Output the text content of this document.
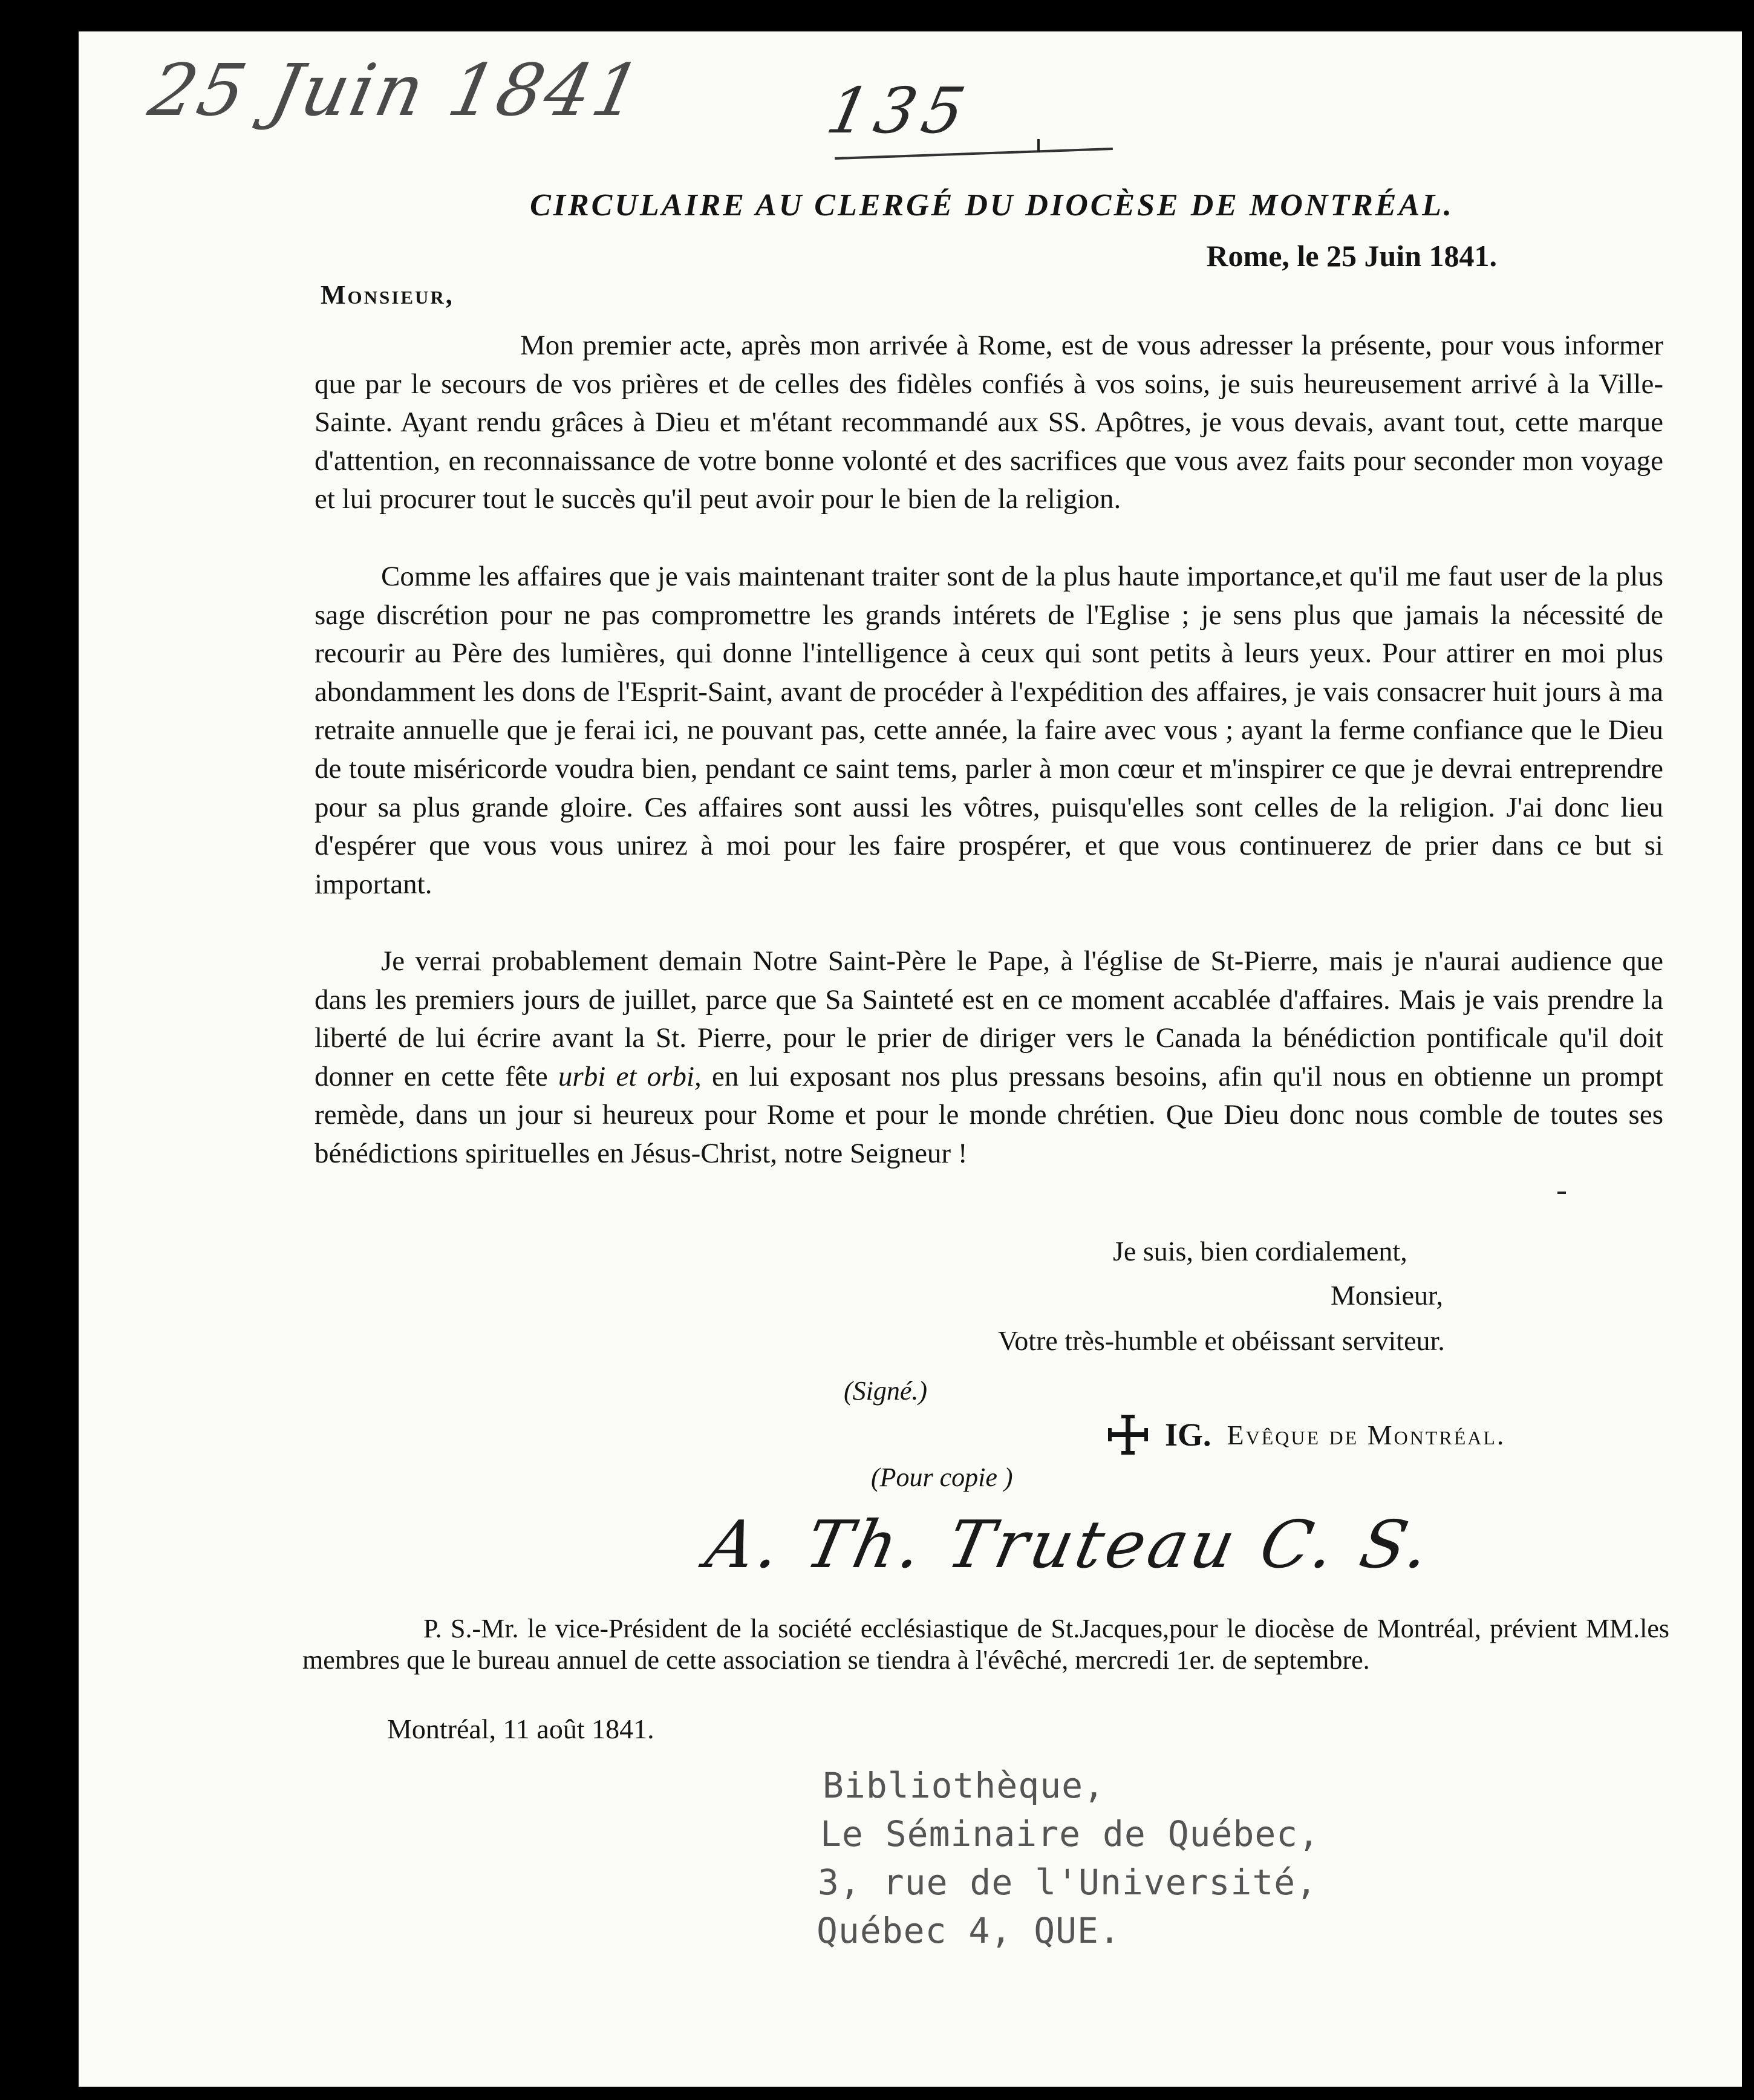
25 Juin 1841	135
CIRCULAIRE AU CLERGÉ DU DIOCÈSE DE MONTRÉAL.
Rome, le 25 Juin 1841.
Monsieur,

Mon premier acte, après mon arrivée à Rome, est de vous adresser la présente, pour vous informer que par le secours de vos prières et de celles des fidèles confiés à vos soins, je suis heureusement arrivé à la Ville-Sainte. Ayant rendu grâces à Dieu et m'étant recommandé aux SS. Apôtres, je vous devais, avant tout, cette marque d'attention, en reconnaissance de votre bonne volonté et des sacrifices que vous avez faits pour seconder mon voyage et lui procurer tout le succès qu'il peut avoir pour le bien de la religion.

Comme les affaires que je vais maintenant traiter sont de la plus haute importance,et qu'il me faut user de la plus sage discrétion pour ne pas compromettre les grands intérets de l'Eglise ; je sens plus que jamais la nécessité de recourir au Père des lumières, qui donne l'intelligence à ceux qui sont petits à leurs yeux. Pour attirer en moi plus abondamment les dons de l'Esprit-Saint, avant de procéder à l'expédition des affaires, je vais consacrer huit jours à ma retraite annuelle que je ferai ici, ne pouvant pas, cette année, la faire avec vous ; ayant la ferme confiance que le Dieu de toute miséricorde voudra bien, pendant ce saint tems, parler à mon cœur et m'inspirer ce que je devrai entreprendre pour sa plus grande gloire. Ces affaires sont aussi les vôtres, puisqu'elles sont celles de la religion. J'ai donc lieu d'espérer que vous vous unirez à moi pour les faire prospérer, et que vous continuerez de prier dans ce but si important.

Je verrai probablement demain Notre Saint-Père le Pape, à l'église de St-Pierre, mais je n'aurai audience que dans les premiers jours de juillet, parce que Sa Sainteté est en ce moment accablée d'affaires. Mais je vais prendre la liberté de lui écrire avant la St. Pierre, pour le prier de diriger vers le Canada la bénédiction pontificale qu'il doit donner en cette fête urbi et orbi, en lui exposant nos plus pressans besoins, afin qu'il nous en obtienne un prompt remède, dans un jour si heureux pour Rome et pour le monde chrétien. Que Dieu donc nous comble de toutes ses bénédictions spirituelles en Jésus-Christ, notre Seigneur !

Je suis, bien cordialement,
Monsieur,
Votre très-humble et obéissant serviteur.
(Signé.)
IG. Evêque de Montréal.
(Pour copie )
A. Th. Truteau C. S.
P. S.-Mr. le vice-Président de la société ecclésiastique de St.Jacques,pour le diocèse de Montréal, prévient MM.les membres que le bureau annuel de cette association se tiendra à l'évêché, mercredi 1er. de septembre.
Montréal, 11 août 1841.
Bibliothèque,
Le Séminaire de Québec,
3, rue de l'Université,
Québec 4, QUE.
